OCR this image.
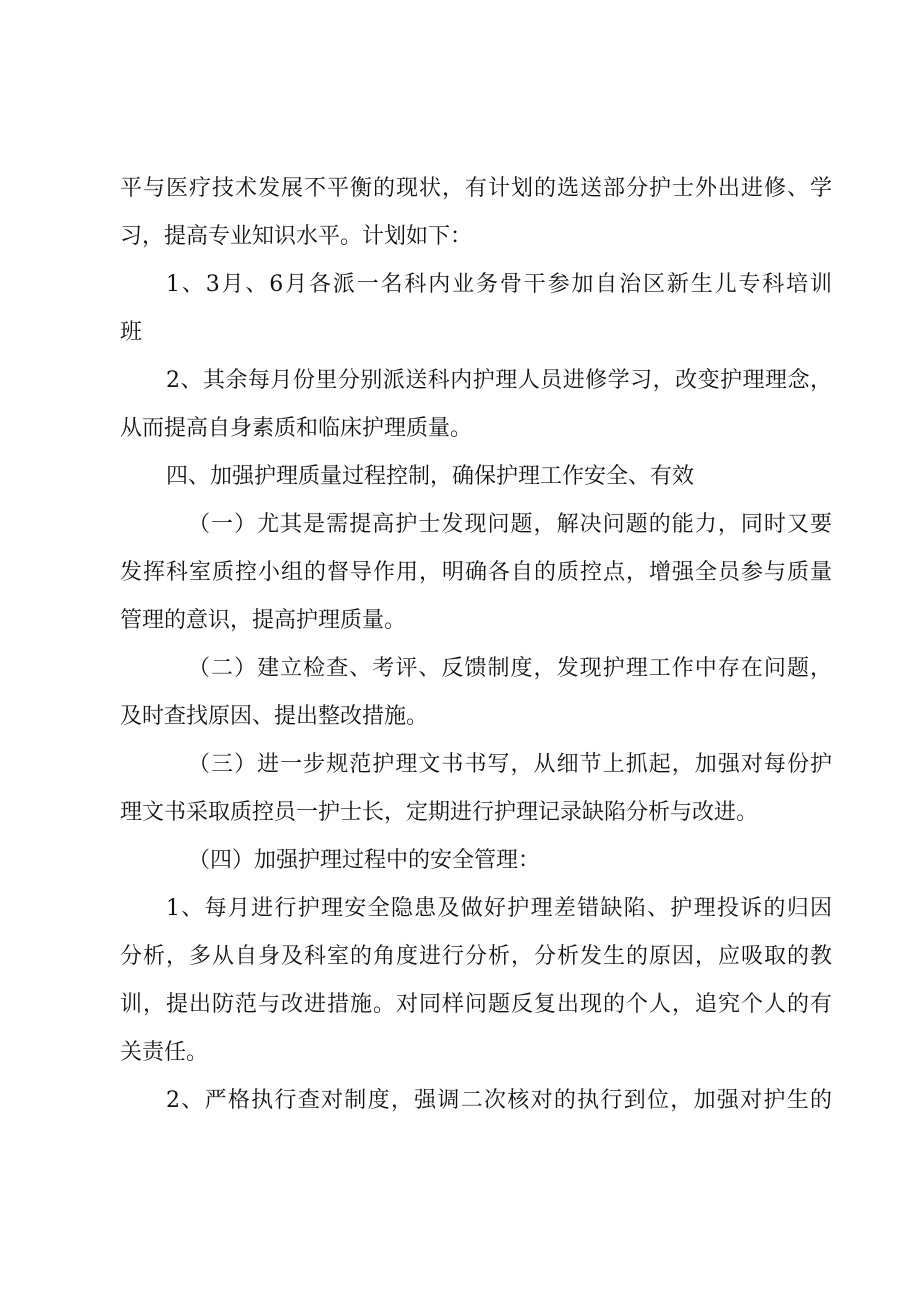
平与医疗技术发展不平衡的现状，有计划的选送部分护士外出进修、学
习，提高专业知识水平。计划如下：
1、3月、6月各派一名科内业务骨干参加自治区新生儿专科培训
班
2、其余每月份里分别派送科内护理人员进修学习，改变护理理念，
从而提高自身素质和临床护理质量。
四、加强护理质量过程控制，确保护理工作安全、有效
（一）尤其是需提高护士发现问题，解决问题的能力，同时又要
发挥科室质控小组的督导作用，明确各自的质控点，增强全员参与质量
管理的意识，提高护理质量。
（二）建立检查、考评、反馈制度，发现护理工作中存在问题，
及时查找原因、提出整改措施。
（三）进一步规范护理文书书写，从细节上抓起，加强对每份护
理文书采取质控员一护士长，定期进行护理记录缺陷分析与改进。
（四）加强护理过程中的安全管理：
1、每月进行护理安全隐患及做好护理差错缺陷、护理投诉的归因
分析，多从自身及科室的角度进行分析，分析发生的原因，应吸取的教
训，提出防范与改进措施。对同样问题反复出现的个人，追究个人的有
关责任。
2、严格执行查对制度，强调二次核对的执行到位，加强对护生的
